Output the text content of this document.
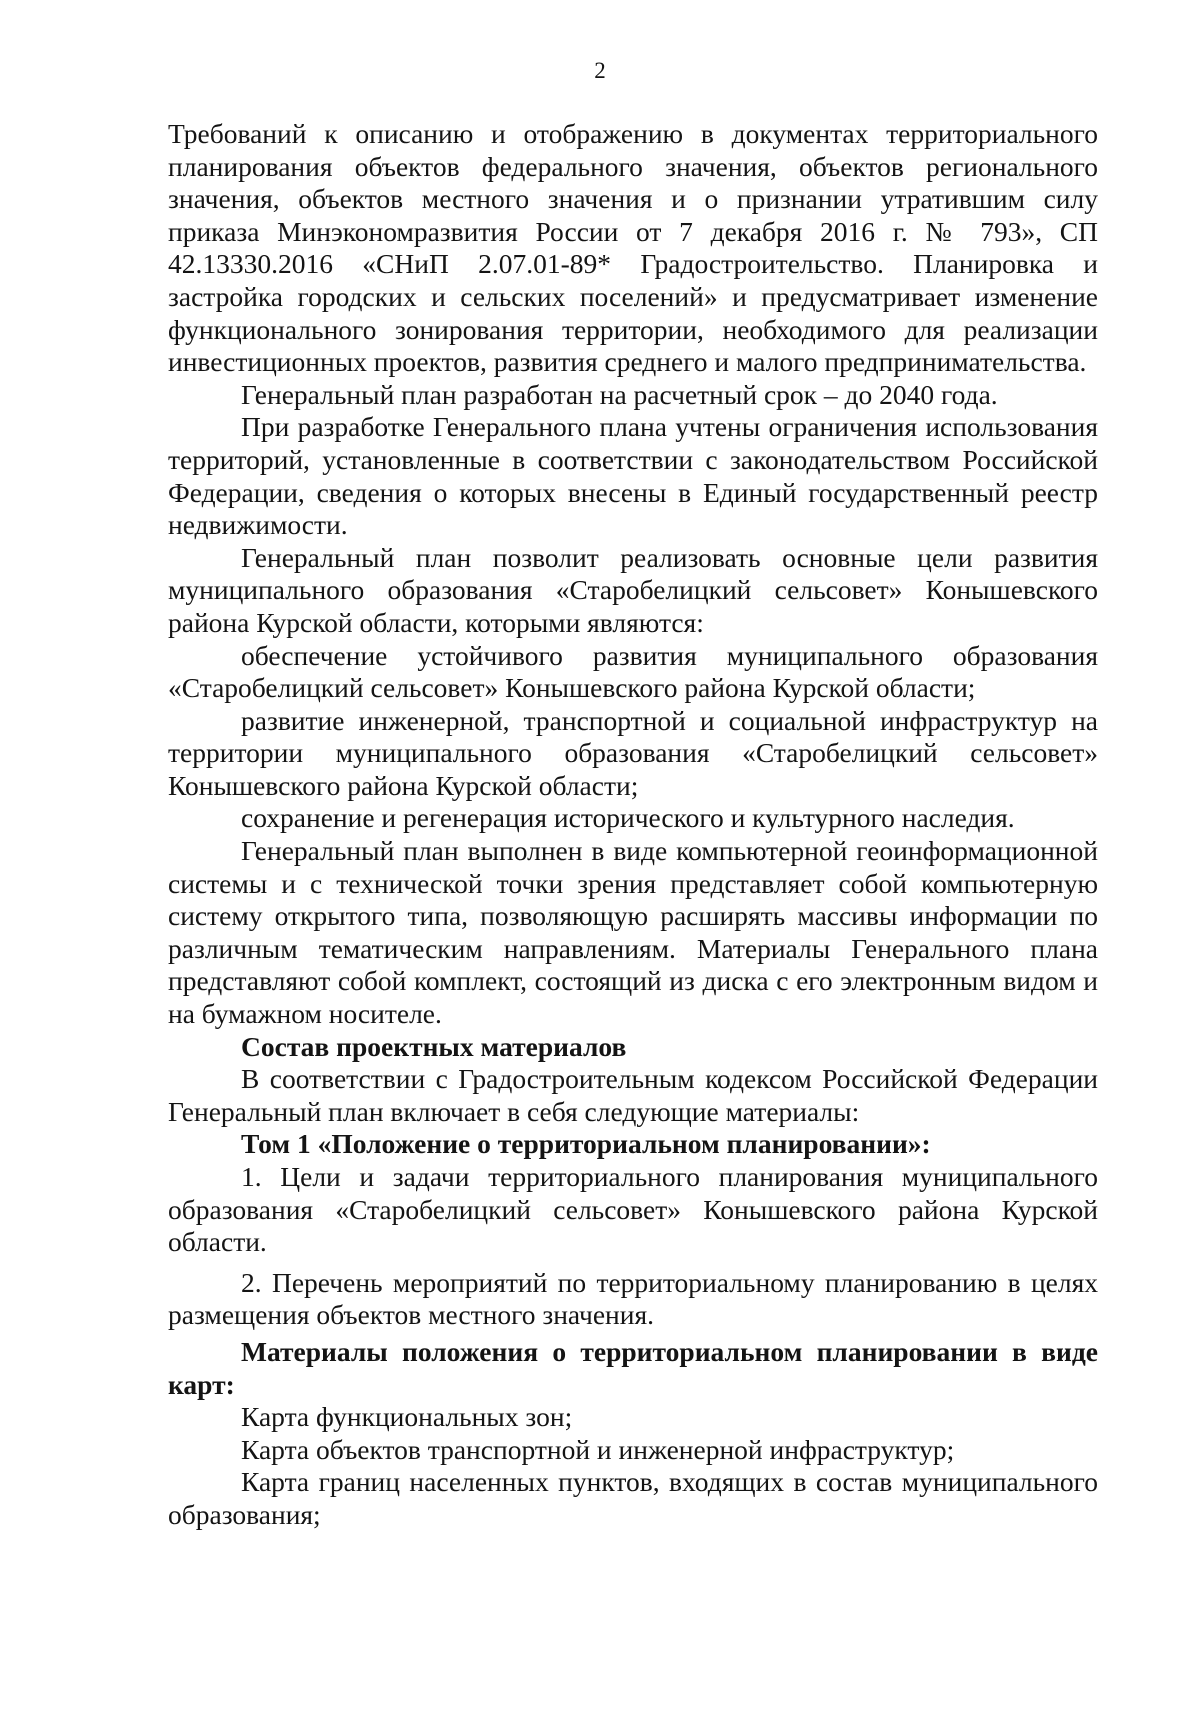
2

Требований к описанию и отображению в документах территориального планирования объектов федерального значения, объектов регионального значения, объектов местного значения и о признании утратившим силу приказа Минэкономразвития России от 7 декабря 2016 г. № 793», СП 42.13330.2016 «СНиП 2.07.01-89* Градостроительство. Планировка и застройка городских и сельских поселений» и предусматривает изменение функционального зонирования территории, необходимого для реализации инвестиционных проектов, развития среднего и малого предпринимательства.

Генеральный план разработан на расчетный срок – до 2040 года.

При разработке Генерального плана учтены ограничения использования территорий, установленные в соответствии с законодательством Российской Федерации, сведения о которых внесены в Единый государственный реестр недвижимости.

Генеральный план позволит реализовать основные цели развития муниципального образования «Старобелицкий сельсовет» Конышевского района Курской области, которыми являются:

обеспечение устойчивого развития муниципального образования «Старобелицкий сельсовет» Конышевского района Курской области;

развитие инженерной, транспортной и социальной инфраструктур на территории муниципального образования «Старобелицкий сельсовет» Конышевского района Курской области;

сохранение и регенерация исторического и культурного наследия.

Генеральный план выполнен в виде компьютерной геоинформационной системы и с технической точки зрения представляет собой компьютерную систему открытого типа, позволяющую расширять массивы информации по различным тематическим направлениям. Материалы Генерального плана представляют собой комплект, состоящий из диска с его электронным видом и на бумажном носителе.

Состав проектных материалов

В соответствии с Градостроительным кодексом Российской Федерации Генеральный план включает в себя следующие материалы:

Том 1 «Положение о территориальном планировании»:

1. Цели и задачи территориального планирования муниципального образования «Старобелицкий сельсовет» Конышевского района Курской области.

2. Перечень мероприятий по территориальному планированию в целях размещения объектов местного значения.

Материалы положения о территориальном планировании в виде карт:

Карта функциональных зон;

Карта объектов транспортной и инженерной инфраструктур;

Карта границ населенных пунктов, входящих в состав муниципального образования;
